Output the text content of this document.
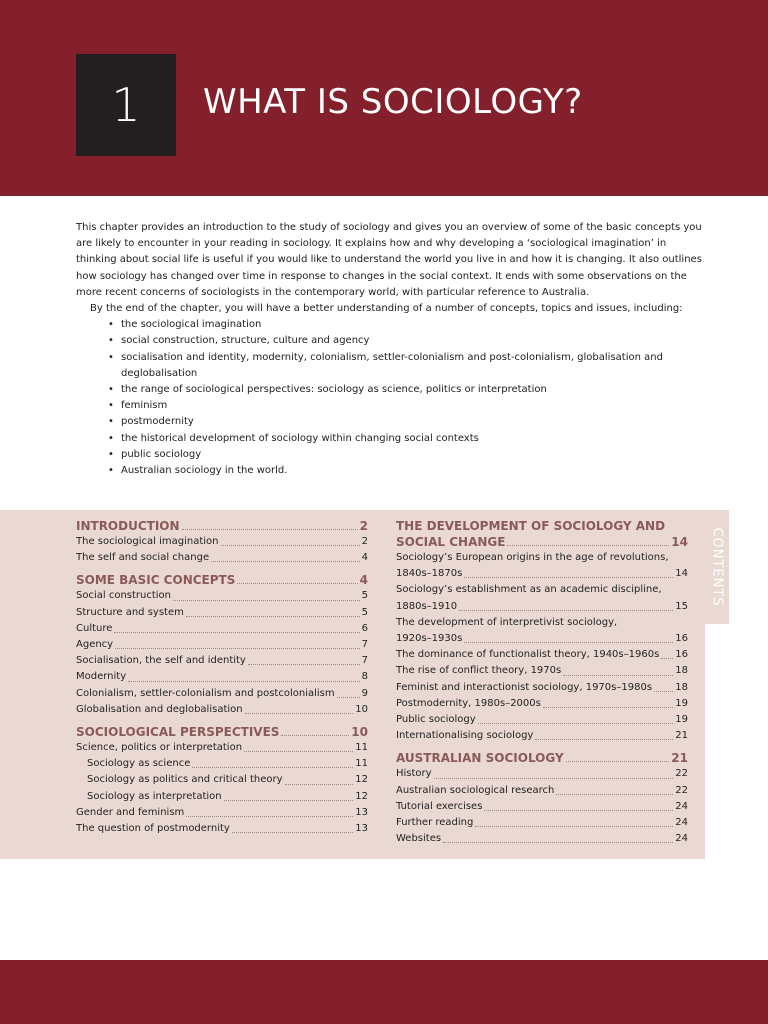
1 WHAT IS SOCIOLOGY?

This chapter provides an introduction to the study of sociology and gives you an overview of some of the basic concepts you are likely to encounter in your reading in sociology. It explains how and why developing a ‘sociological imagination’ in thinking about social life is useful if you would like to understand the world you live in and how it is changing. It also outlines how sociology has changed over time in response to changes in the social context. It ends with some observations on the more recent concerns of sociologists in the contemporary world, with particular reference to Australia.

By the end of the chapter, you will have a better understanding of a number of concepts, topics and issues, including:

• the sociological imagination
• social construction, structure, culture and agency
• socialisation and identity, modernity, colonialism, settler-colonialism and post-colonialism, globalisation and deglobalisation
• the range of sociological perspectives: sociology as science, politics or interpretation
• feminism
• postmodernity
• the historical development of sociology within changing social contexts
• public sociology
• Australian sociology in the world.
CONTENTS
INTRODUCTION	2
The sociological imagination	2
The self and social change	4
SOME BASIC CONCEPTS	4
Social construction	5
Structure and system	5
Culture	6
Agency	7
Socialisation, the self and identity	7
Modernity	8
Colonialism, settler-colonialism and postcolonialism	9
Globalisation and deglobalisation	10
SOCIOLOGICAL PERSPECTIVES	10
Science, politics or interpretation	11
Sociology as science	11
Sociology as politics and critical theory	12
Sociology as interpretation	12
Gender and feminism	13
The question of postmodernity	13
THE DEVELOPMENT OF SOCIOLOGY AND
SOCIAL CHANGE	14
Sociology’s European origins in the age of revolutions,
1840s–1870s	14
Sociology’s establishment as an academic discipline,
1880s–1910	15
The development of interpretivist sociology,
1920s–1930s	16
The dominance of functionalist theory, 1940s–1960s 16
The rise of conflict theory, 1970s	18
Feminist and interactionist sociology, 1970s–1980s 18
Postmodernity, 1980s–2000s	19
Public sociology	19
Internationalising sociology	21
AUSTRALIAN SOCIOLOGY	21
History	22
Australian sociological research	22
Tutorial exercises	24
Further reading	24
Websites	24
